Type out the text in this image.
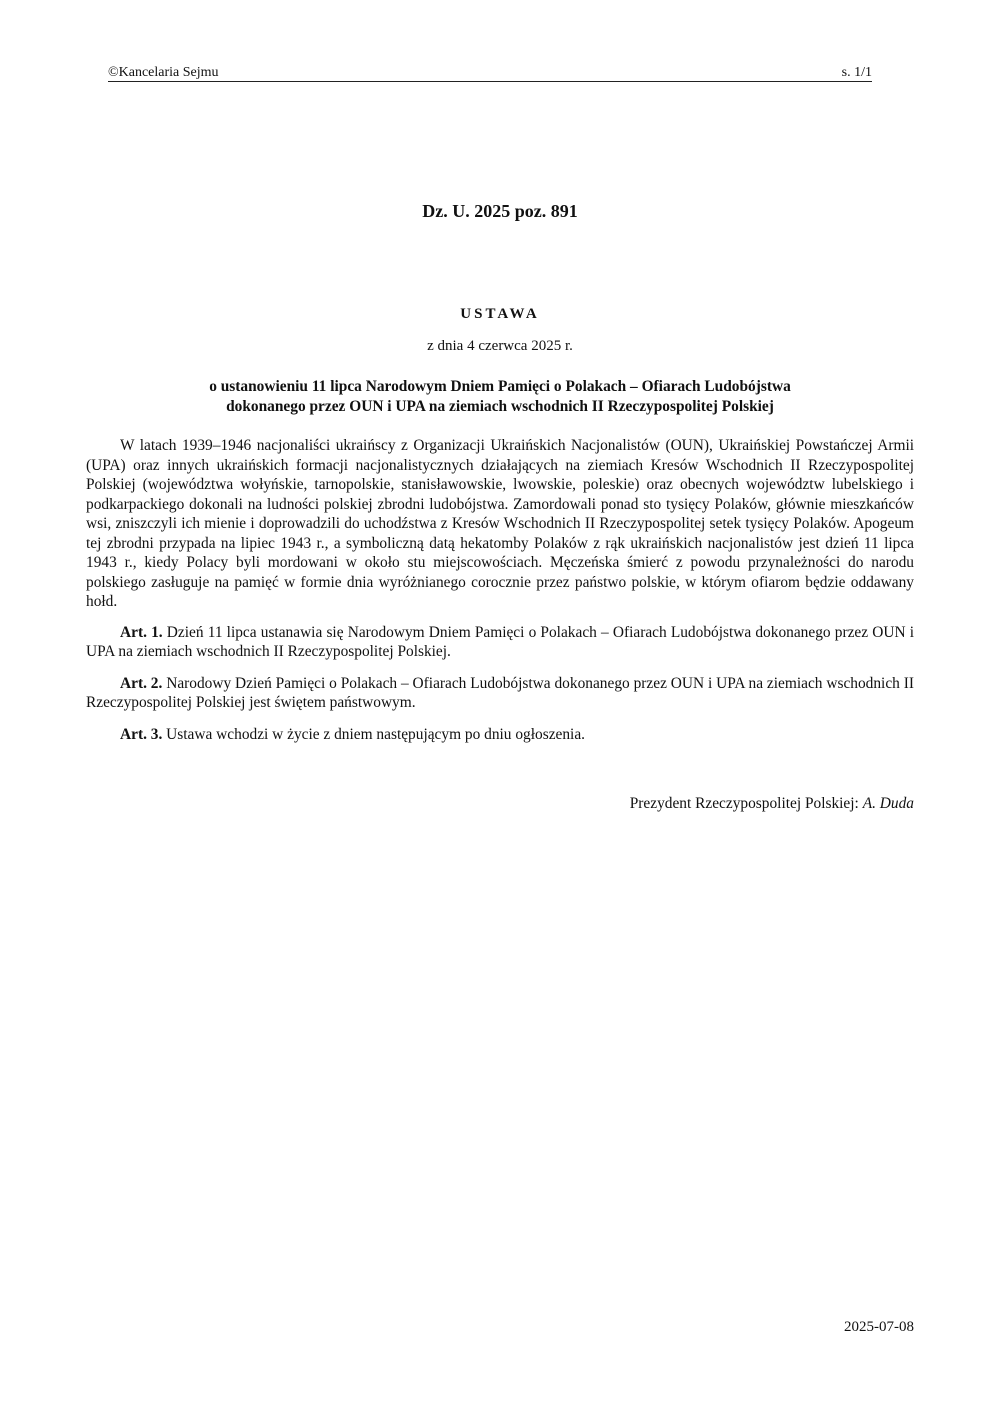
©Kancelaria Sejmu	s. 1/1
Dz. U. 2025 poz. 891
USTAWA
z dnia 4 czerwca 2025 r.
o ustanowieniu 11 lipca Narodowym Dniem Pamięci o Polakach – Ofiarach Ludobójstwa
dokonanego przez OUN i UPA na ziemiach wschodnich II Rzeczypospolitej Polskiej

W latach 1939–1946 nacjonaliści ukraińscy z Organizacji Ukraińskich Nacjonalistów (OUN), Ukraińskiej Powstańczej Armii (UPA) oraz innych ukraińskich formacji nacjonalistycznych działających na ziemiach Kresów Wschodnich II Rzeczypospolitej Polskiej (województwa wołyńskie, tarnopolskie, stanisławowskie, lwowskie, poleskie) oraz obecnych województw lubelskiego i podkarpackiego dokonali na ludności polskiej zbrodni ludobójstwa. Zamordowali ponad sto tysięcy Polaków, głównie mieszkańców wsi, zniszczyli ich mienie i doprowadzili do uchodźstwa z Kresów Wschodnich II Rzeczypospolitej setek tysięcy Polaków. Apogeum tej zbrodni przypada na lipiec 1943 r., a symboliczną datą hekatomby Polaków z rąk ukraińskich nacjonalistów jest dzień 11 lipca 1943 r., kiedy Polacy byli mordowani w około stu miejscowościach. Męczeńska śmierć z powodu przynależności do narodu polskiego zasługuje na pamięć w formie dnia wyróżnianego corocznie przez państwo polskie, w którym ofiarom będzie oddawany hołd.

Art. 1. Dzień 11 lipca ustanawia się Narodowym Dniem Pamięci o Polakach – Ofiarach Ludobójstwa dokonanego przez OUN i UPA na ziemiach wschodnich II Rzeczypospolitej Polskiej.

Art. 2. Narodowy Dzień Pamięci o Polakach – Ofiarach Ludobójstwa dokonanego przez OUN i UPA na ziemiach wschodnich II Rzeczypospolitej Polskiej jest świętem państwowym.

Art. 3. Ustawa wchodzi w życie z dniem następującym po dniu ogłoszenia.

Prezydent Rzeczypospolitej Polskiej: A. Duda
2025-07-08
